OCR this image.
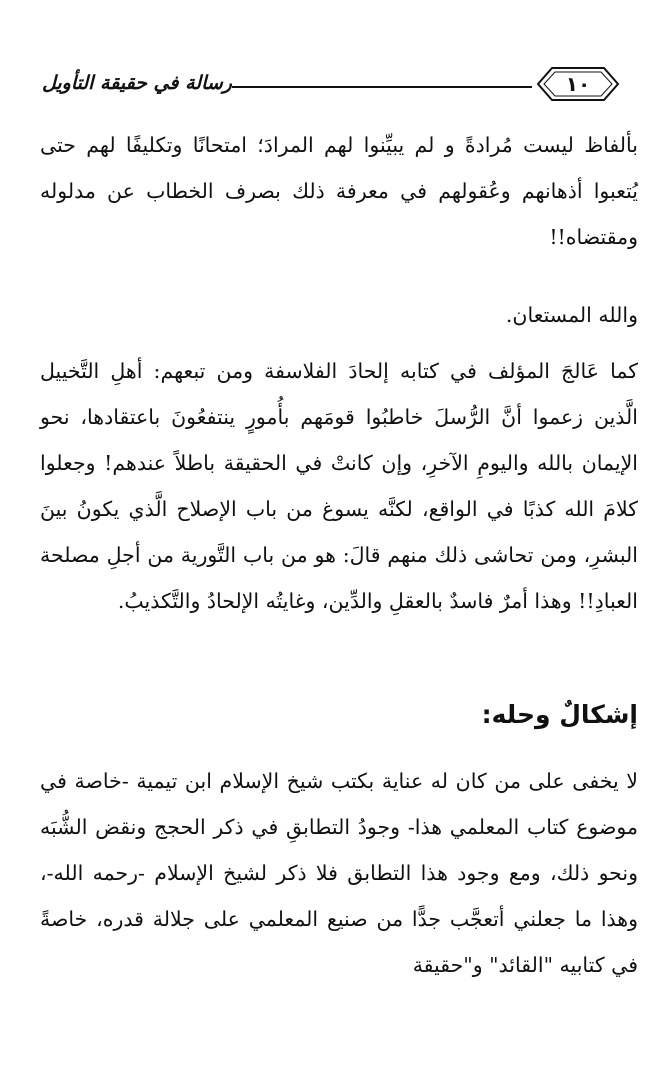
رسالة في حقيقة التأويل	١٠
بألفاظ ليست مُرادةً و لم يبيِّنوا لهم المرادَ؛ امتحانًا وتكليفًا لهم حتى يُتعبوا أذهانهم وعُقولهم في معرفة ذلك بصرف الخطاب عن مدلوله ومقتضاه!!
والله المستعان.
كما عَالجَ المؤلف في كتابه إلحادَ الفلاسفة ومن تبعهم: أهلِ التَّخييل الَّذين زعموا أنَّ الرُّسلَ خاطبُوا قومَهم بأُمورٍ ينتفعُونَ باعتقادها، نحو الإيمان بالله واليومِ الآخرِ، وإن كانتْ في الحقيقة باطلاً عندهم! وجعلوا كلامَ الله كذبًا في الواقع، لكنَّه يسوغ من باب الإصلاح الَّذي يكونُ بينَ البشرِ، ومن تحاشى ذلك منهم قالَ: هو من باب التَّورية من أجلِ مصلحة العبادِ!! وهذا أمرٌ فاسدٌ بالعقلِ والدِّين، وغايتُه الإلحادُ والتَّكذيبُ.
إشكالٌ وحله:
لا يخفى على من كان له عناية بكتب شيخ الإسلام ابن تيمية -خاصة في موضوع كتاب المعلمي هذا- وجودُ التطابقِ في ذكر الحجج ونقض الشُّبَه ونحو ذلك، ومع وجود هذا التطابق فلا ذكر لشيخ الإسلام -رحمه الله-، وهذا ما جعلني أتعجَّب جدًّا من صنيع المعلمي على جلالة قدره، خاصةً في كتابيه "القائد" و"حقيقة
